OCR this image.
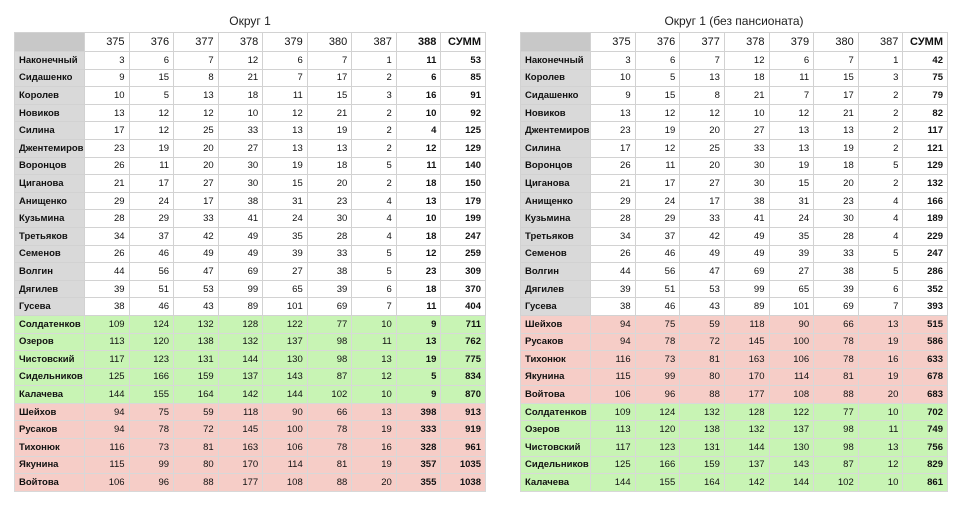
Округ 1
	375	376	377	378	379	380	387	388	СУММ
Наконечный	3	6	7	12	6	7	1	11	53
Сидашенко	9	15	8	21	7	17	2	6	85
Королев	10	5	13	18	11	15	3	16	91
Новиков	13	12	12	10	12	21	2	10	92
Силина	17	12	25	33	13	19	2	4	125
Джентемиров	23	19	20	27	13	13	2	12	129
Воронцов	26	11	20	30	19	18	5	11	140
Циганова	21	17	27	30	15	20	2	18	150
Анищенко	29	24	17	38	31	23	4	13	179
Кузьмина	28	29	33	41	24	30	4	10	199
Третьяков	34	37	42	49	35	28	4	18	247
Семенов	26	46	49	49	39	33	5	12	259
Волгин	44	56	47	69	27	38	5	23	309
Дягилев	39	51	53	99	65	39	6	18	370
Гусева	38	46	43	89	101	69	7	11	404
Солдатенков	109	124	132	128	122	77	10	9	711
Озеров	113	120	138	132	137	98	11	13	762
Чистовский	117	123	131	144	130	98	13	19	775
Сидельников	125	166	159	137	143	87	12	5	834
Калачева	144	155	164	142	144	102	10	9	870
Шейхов	94	75	59	118	90	66	13	398	913
Русаков	94	78	72	145	100	78	19	333	919
Тихонюк	116	73	81	163	106	78	16	328	961
Якунина	115	99	80	170	114	81	19	357	1035
Войтова	106	96	88	177	108	88	20	355	1038
Округ 1 (без пансионата)
	375	376	377	378	379	380	387	СУММ
Наконечный	3	6	7	12	6	7	1	42
Королев	10	5	13	18	11	15	3	75
Сидашенко	9	15	8	21	7	17	2	79
Новиков	13	12	12	10	12	21	2	82
Джентемиров	23	19	20	27	13	13	2	117
Силина	17	12	25	33	13	19	2	121
Воронцов	26	11	20	30	19	18	5	129
Циганова	21	17	27	30	15	20	2	132
Анищенко	29	24	17	38	31	23	4	166
Кузьмина	28	29	33	41	24	30	4	189
Третьяков	34	37	42	49	35	28	4	229
Семенов	26	46	49	49	39	33	5	247
Волгин	44	56	47	69	27	38	5	286
Дягилев	39	51	53	99	65	39	6	352
Гусева	38	46	43	89	101	69	7	393
Шейхов	94	75	59	118	90	66	13	515
Русаков	94	78	72	145	100	78	19	586
Тихонюк	116	73	81	163	106	78	16	633
Якунина	115	99	80	170	114	81	19	678
Войтова	106	96	88	177	108	88	20	683
Солдатенков	109	124	132	128	122	77	10	702
Озеров	113	120	138	132	137	98	11	749
Чистовский	117	123	131	144	130	98	13	756
Сидельников	125	166	159	137	143	87	12	829
Калачева	144	155	164	142	144	102	10	861
